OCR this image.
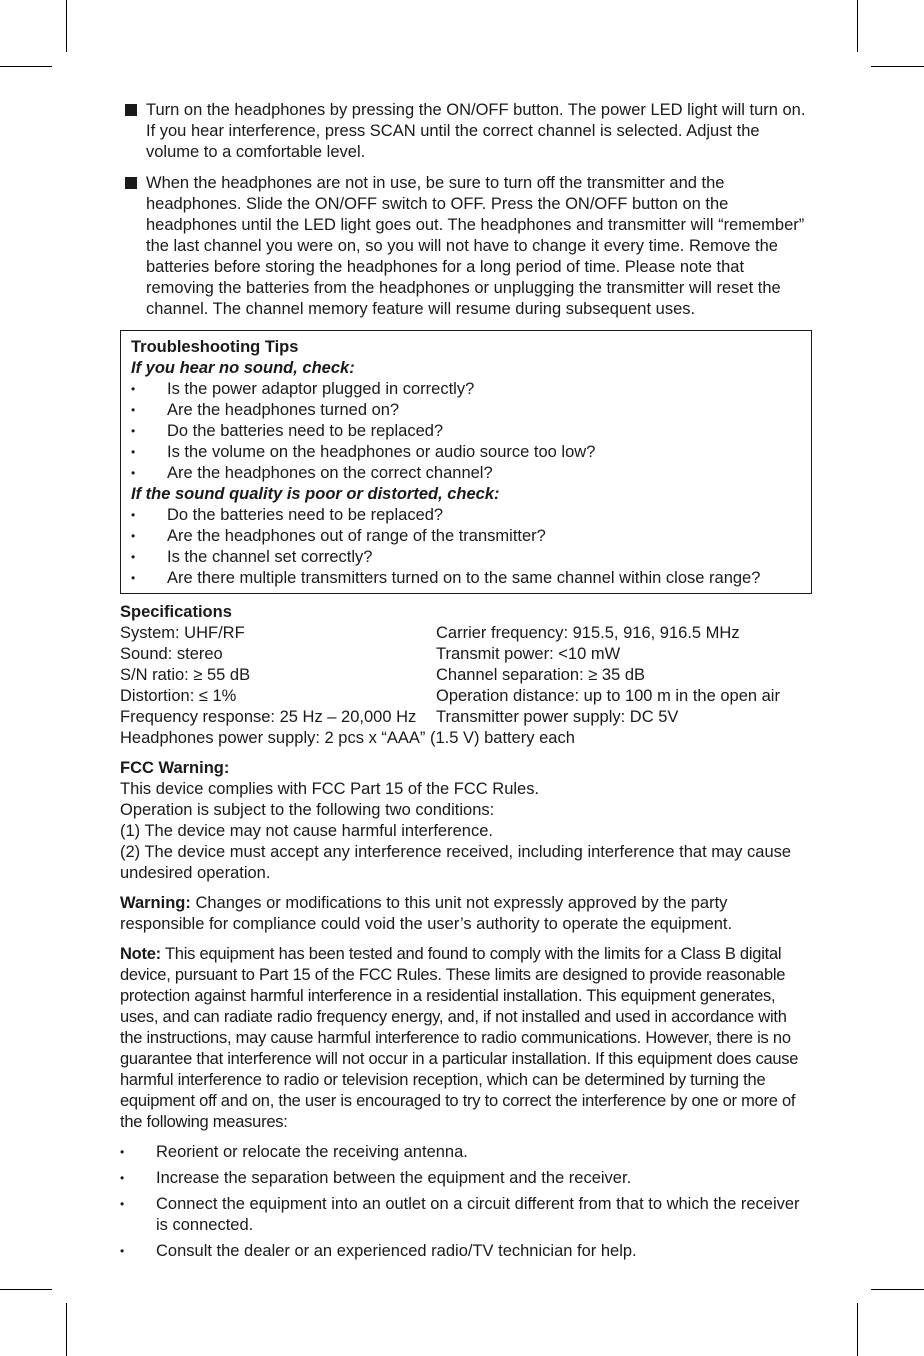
Turn on the headphones by pressing the ON/OFF button. The power LED light will turn on. If you hear interference, press SCAN until the correct channel is selected. Adjust the volume to a comfortable level.
When the headphones are not in use, be sure to turn off the transmitter and the headphones. Slide the ON/OFF switch to OFF. Press the ON/OFF button on the headphones until the LED light goes out. The headphones and transmitter will “remember” the last channel you were on, so you will not have to change it every time. Remove the batteries before storing the headphones for a long period of time. Please note that removing the batteries from the headphones or unplugging the transmitter will reset the channel. The channel memory feature will resume during subsequent uses.
Troubleshooting Tips
If you hear no sound, check:
• Is the power adaptor plugged in correctly?
• Are the headphones turned on?
• Do the batteries need to be replaced?
• Is the volume on the headphones or audio source too low?
• Are the headphones on the correct channel?
If the sound quality is poor or distorted, check:
• Do the batteries need to be replaced?
• Are the headphones out of range of the transmitter?
• Is the channel set correctly?
• Are there multiple transmitters turned on to the same channel within close range?
Specifications
System: UHF/RF	Carrier frequency: 915.5, 916, 916.5 MHz
Sound: stereo	Transmit power: <10 mW
S/N ratio: ≥ 55 dB	Channel separation: ≥ 35 dB
Distortion: ≤ 1%	Operation distance: up to 100 m in the open air
Frequency response: 25 Hz – 20,000 Hz	Transmitter power supply: DC 5V
Headphones power supply: 2 pcs x “AAA” (1.5 V) battery each
FCC Warning:
This device complies with FCC Part 15 of the FCC Rules.
Operation is subject to the following two conditions:
(1) The device may not cause harmful interference.
(2) The device must accept any interference received, including interference that may cause undesired operation.
Warning: Changes or modifications to this unit not expressly approved by the party responsible for compliance could void the user’s authority to operate the equipment.
Note: This equipment has been tested and found to comply with the limits for a Class B digital device, pursuant to Part 15 of the FCC Rules. These limits are designed to provide reasonable protection against harmful interference in a residential installation. This equipment generates, uses, and can radiate radio frequency energy, and, if not installed and used in accordance with the instructions, may cause harmful interference to radio communications. However, there is no guarantee that interference will not occur in a particular installation. If this equipment does cause harmful interference to radio or television reception, which can be determined by turning the equipment off and on, the user is encouraged to try to correct the interference by one or more of the following measures:
• Reorient or relocate the receiving antenna.
• Increase the separation between the equipment and the receiver.
• Connect the equipment into an outlet on a circuit different from that to which the receiver is connected.
• Consult the dealer or an experienced radio/TV technician for help.
